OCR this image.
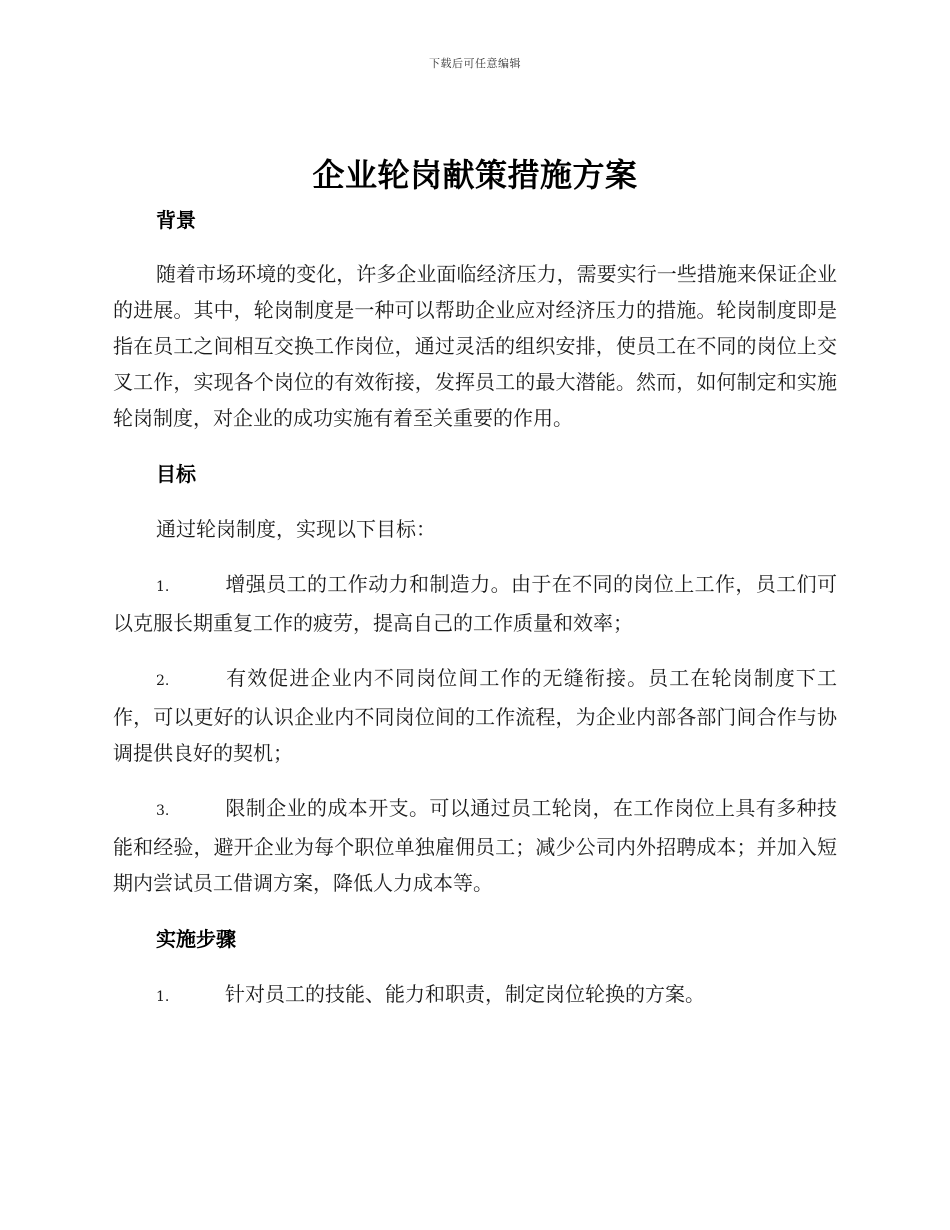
下载后可任意编辑
企业轮岗献策措施方案

背景

随着市场环境的变化，许多企业面临经济压力，需要实行一些措施来保证企业的进展。其中，轮岗制度是一种可以帮助企业应对经济压力的措施。轮岗制度即是指在员工之间相互交换工作岗位，通过灵活的组织安排，使员工在不同的岗位上交叉工作，实现各个岗位的有效衔接，发挥员工的最大潜能。然而，如何制定和实施轮岗制度，对企业的成功实施有着至关重要的作用。

目标

通过轮岗制度，实现以下目标：

1.	增强员工的工作动力和制造力。由于在不同的岗位上工作，员工们可以克服长期重复工作的疲劳，提高自己的工作质量和效率；

2.	有效促进企业内不同岗位间工作的无缝衔接。员工在轮岗制度下工作，可以更好的认识企业内不同岗位间的工作流程，为企业内部各部门间合作与协调提供良好的契机；

3.	限制企业的成本开支。可以通过员工轮岗，在工作岗位上具有多种技能和经验，避开企业为每个职位单独雇佣员工；减少公司内外招聘成本；并加入短期内尝试员工借调方案，降低人力成本等。

实施步骤

1.	针对员工的技能、能力和职责，制定岗位轮换的方案。
